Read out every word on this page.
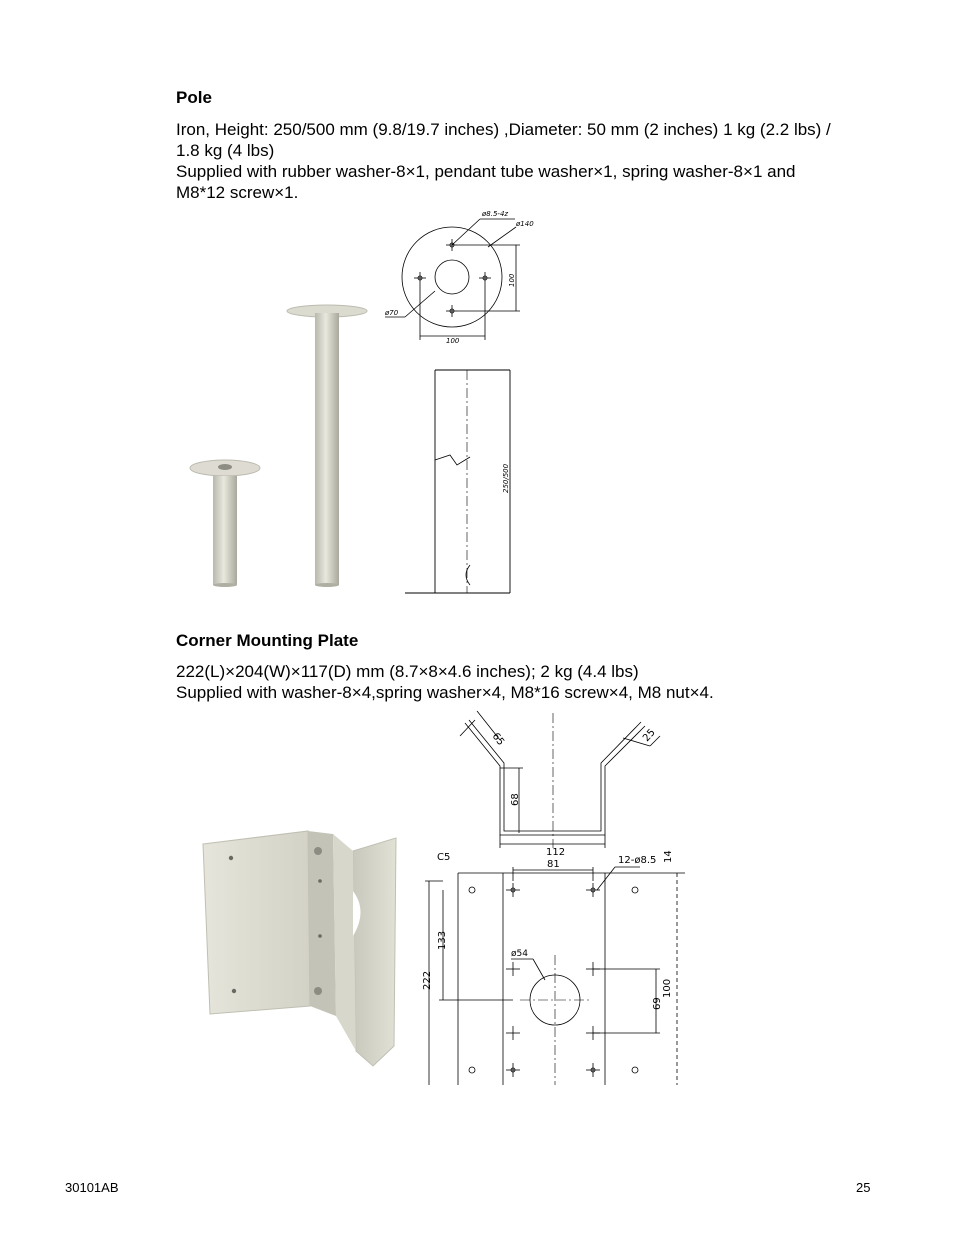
Pole
Iron, Height: 250/500 mm (9.8/19.7 inches) ,Diameter: 50 mm (2 inches) 1 kg (2.2 lbs) /
1.8 kg (4 lbs)
Supplied with rubber washer-8×1, pendant tube washer×1, spring washer-8×1 and
M8*12 screw×1.
ø8.5-4z
ø140
ø70
100
100
250/500
Corner Mounting Plate
222(L)×204(W)×117(D) mm (8.7×8×4.6 inches); 2 kg (4.4 lbs)
Supplied with washer-8×4,spring washer×4, M8*16 screw×4, M8 nut×4.
65	25
68
112
C5
81	12-ø8.5 14
133
222
ø54
69
100
30101AB	25
